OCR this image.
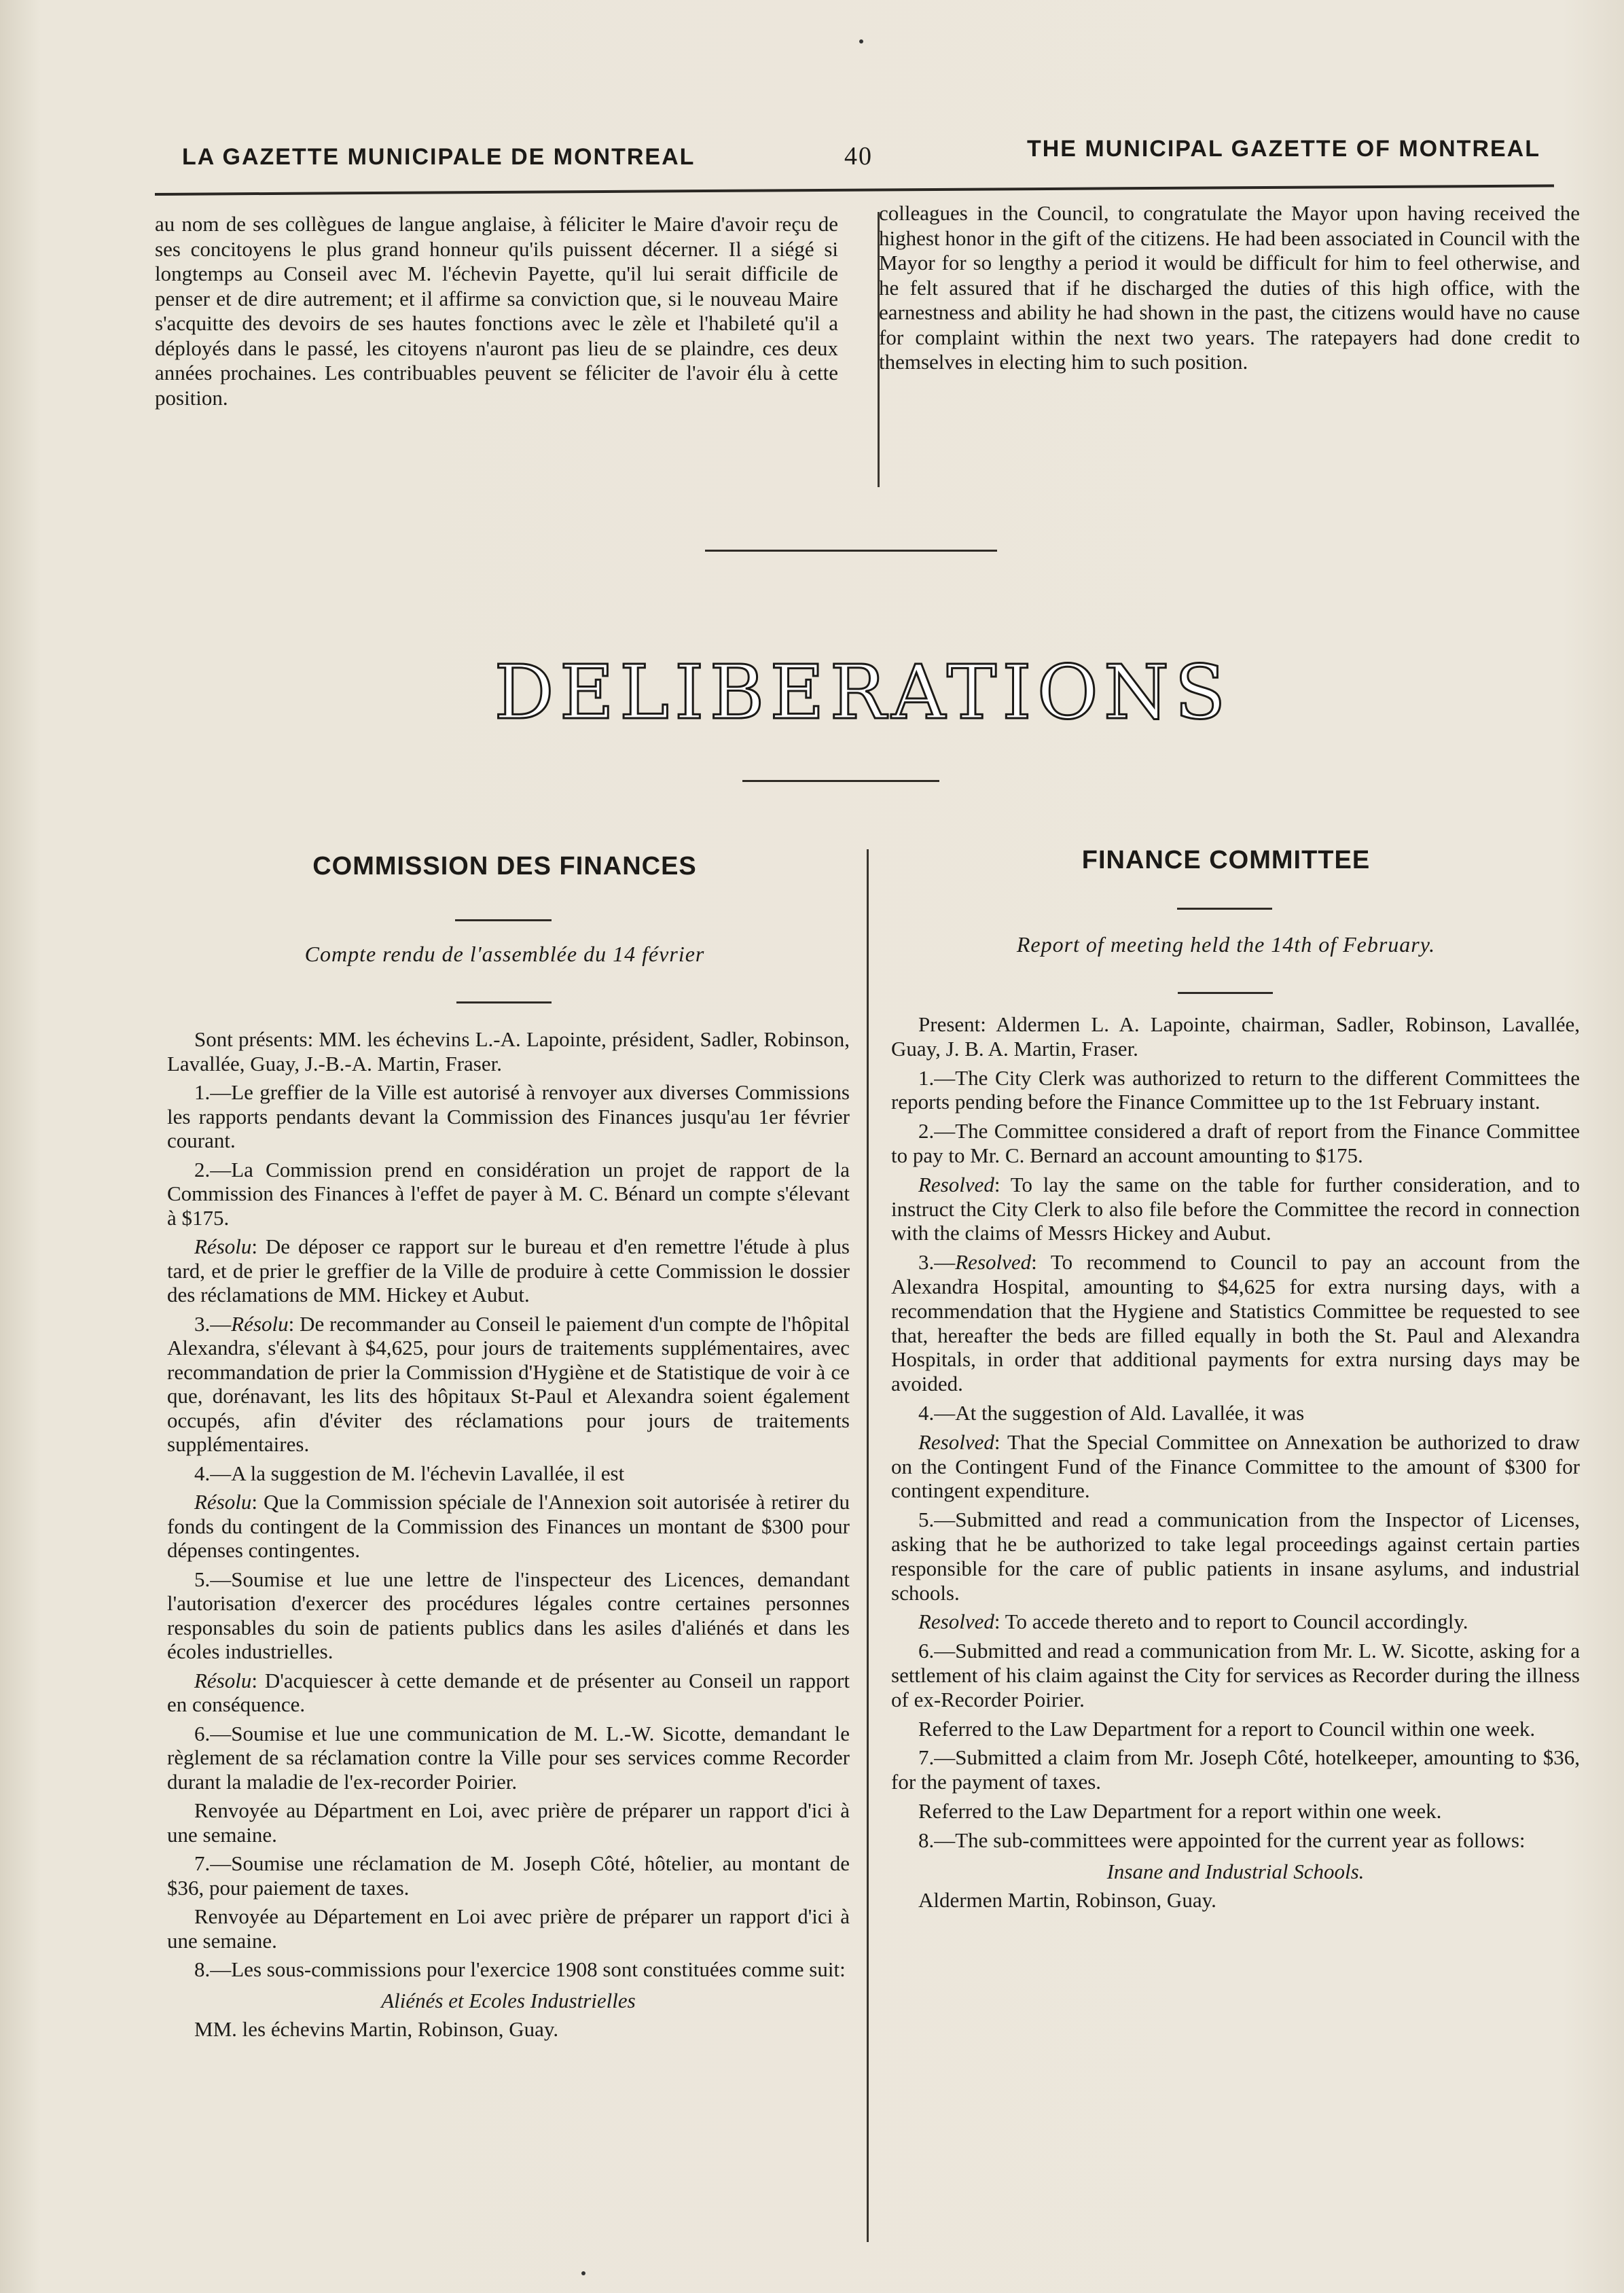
LA GAZETTE MUNICIPALE DE MONTREAL	40	THE MUNICIPAL GAZETTE OF MONTREAL

au nom de ses collègues de langue anglaise, à féliciter le Maire d'avoir reçu de ses concitoyens le plus grand honneur qu'ils puissent décerner. Il a siégé si longtemps au Conseil avec M. l'échevin Payette, qu'il lui serait difficile de penser et de dire autrement; et il affirme sa conviction que, si le nouveau Maire s'acquitte des devoirs de ses hautes fonctions avec le zèle et l'habileté qu'il a déployés dans le passé, les citoyens n'auront pas lieu de se plaindre, ces deux années prochaines. Les contribuables peuvent se féliciter de l'avoir élu à cette position.

colleagues in the Council, to congratulate the Mayor upon having received the highest honor in the gift of the citizens. He had been associated in Council with the Mayor for so lengthy a period it would be difficult for him to feel otherwise, and he felt assured that if he discharged the duties of this high office, with the earnestness and ability he had shown in the past, the citizens would have no cause for complaint within the next two years. The ratepayers had done credit to themselves in electing him to such position.

DELIBERATIONS
COMMISSION DES FINANCES
Compte rendu de l'assemblée du 14 février

Sont présents: MM. les échevins L.-A. Lapointe, président, Sadler, Robinson, Lavallée, Guay, J.-B.-A. Martin, Fraser.

1.—Le greffier de la Ville est autorisé à renvoyer aux diverses Commissions les rapports pendants devant la Commission des Finances jusqu'au 1er février courant.

2.—La Commission prend en considération un projet de rapport de la Commission des Finances à l'effet de payer à M. C. Bénard un compte s'élevant à $175.

Résolu: De déposer ce rapport sur le bureau et d'en remettre l'étude à plus tard, et de prier le greffier de la Ville de produire à cette Commission le dossier des réclamations de MM. Hickey et Aubut.

3.—Résolu: De recommander au Conseil le paiement d'un compte de l'hôpital Alexandra, s'élevant à $4,625, pour jours de traitements supplémentaires, avec recommandation de prier la Commission d'Hygiène et de Statistique de voir à ce que, dorénavant, les lits des hôpitaux St-Paul et Alexandra soient également occupés, afin d'éviter des réclamations pour jours de traitements supplémentaires.

4.—A la suggestion de M. l'échevin Lavallée, il est

Résolu: Que la Commission spéciale de l'Annexion soit autorisée à retirer du fonds du contingent de la Commission des Finances un montant de $300 pour dépenses contingentes.

5.—Soumise et lue une lettre de l'inspecteur des Licences, demandant l'autorisation d'exercer des procédures légales contre certaines personnes responsables du soin de patients publics dans les asiles d'aliénés et dans les écoles industrielles.

Résolu: D'acquiescer à cette demande et de présenter au Conseil un rapport en conséquence.

6.—Soumise et lue une communication de M. L.-W. Sicotte, demandant le règlement de sa réclamation contre la Ville pour ses services comme Recorder durant la maladie de l'ex-recorder Poirier.

Renvoyée au Départment en Loi, avec prière de préparer un rapport d'ici à une semaine.

7.—Soumise une réclamation de M. Joseph Côté, hôtelier, au montant de $36, pour paiement de taxes.

Renvoyée au Département en Loi avec prière de préparer un rapport d'ici à une semaine.

8.—Les sous-commissions pour l'exercice 1908 sont constituées comme suit:

Aliénés et Ecoles Industrielles

MM. les échevins Martin, Robinson, Guay.

FINANCE COMMITTEE
Report of meeting held the 14th of February.

Present: Aldermen L. A. Lapointe, chairman, Sadler, Robinson, Lavallée, Guay, J. B. A. Martin, Fraser.

1.—The City Clerk was authorized to return to the different Committees the reports pending before the Finance Committee up to the 1st February instant.

2.—The Committee considered a draft of report from the Finance Committee to pay to Mr. C. Bernard an account amounting to $175.

Resolved: To lay the same on the table for further consideration, and to instruct the City Clerk to also file before the Committee the record in connection with the claims of Messrs Hickey and Aubut.

3.—Resolved: To recommend to Council to pay an account from the Alexandra Hospital, amounting to $4,625 for extra nursing days, with a recommendation that the Hygiene and Statistics Committee be requested to see that, hereafter the beds are filled equally in both the St. Paul and Alexandra Hospitals, in order that additional payments for extra nursing days may be avoided.

4.—At the suggestion of Ald. Lavallée, it was

Resolved: That the Special Committee on Annexation be authorized to draw on the Contingent Fund of the Finance Committee to the amount of $300 for contingent expenditure.

5.—Submitted and read a communication from the Inspector of Licenses, asking that he be authorized to take legal proceedings against certain parties responsible for the care of public patients in insane asylums, and industrial schools.

Resolved: To accede thereto and to report to Council accordingly.

6.—Submitted and read a communication from Mr. L. W. Sicotte, asking for a settlement of his claim against the City for services as Recorder during the illness of ex-Recorder Poirier.

Referred to the Law Department for a report to Council within one week.

7.—Submitted a claim from Mr. Joseph Côté, hotelkeeper, amounting to $36, for the payment of taxes.

Referred to the Law Department for a report within one week.

8.—The sub-committees were appointed for the current year as follows:

Insane and Industrial Schools.

Aldermen Martin, Robinson, Guay.
